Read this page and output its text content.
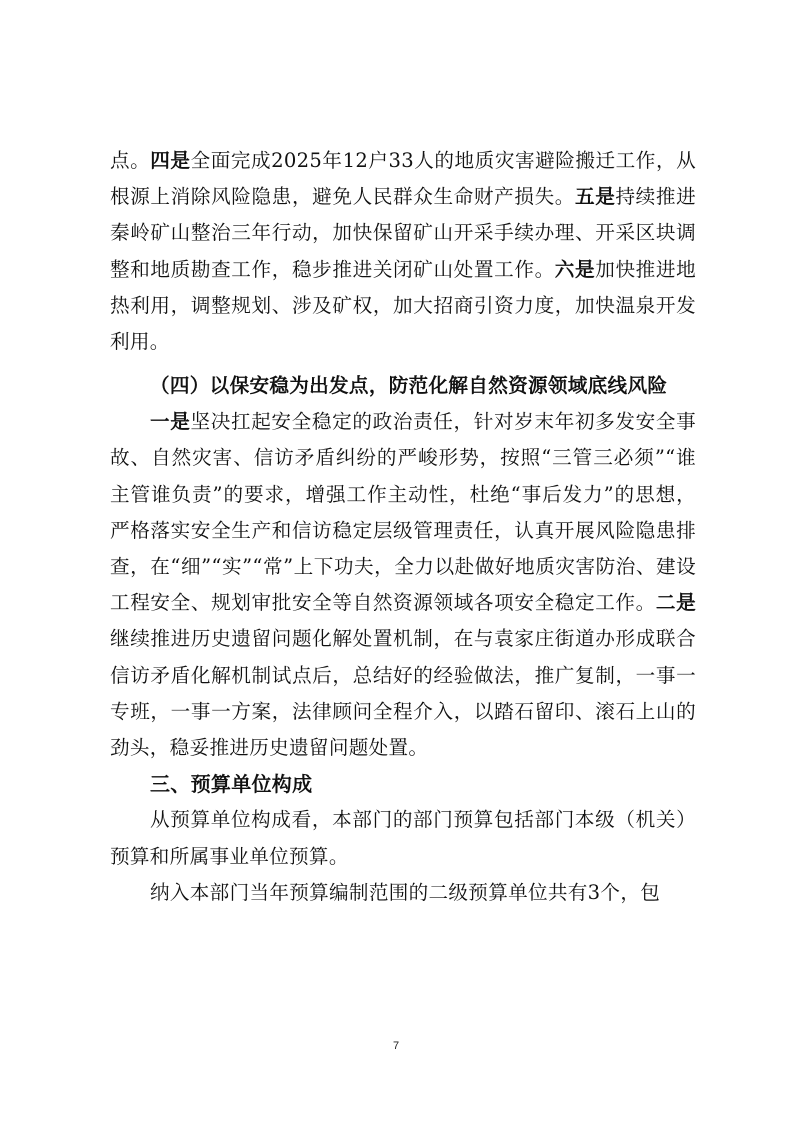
点。四是全面完成2025年12户33人的地质灾害避险搬迁工作，从根源上消除风险隐患，避免人民群众生命财产损失。五是持续推进秦岭矿山整治三年行动，加快保留矿山开采手续办理、开采区块调整和地质勘查工作，稳步推进关闭矿山处置工作。六是加快推进地热利用，调整规划、涉及矿权，加大招商引资力度，加快温泉开发利用。

（四）以保安稳为出发点，防范化解自然资源领域底线风险

一是坚决扛起安全稳定的政治责任，针对岁末年初多发安全事故、自然灾害、信访矛盾纠纷的严峻形势，按照“三管三必须”“谁主管谁负责”的要求，增强工作主动性，杜绝“事后发力”的思想，严格落实安全生产和信访稳定层级管理责任，认真开展风险隐患排查，在“细”“实”“常”上下功夫，全力以赴做好地质灾害防治、建设工程安全、规划审批安全等自然资源领域各项安全稳定工作。二是继续推进历史遗留问题化解处置机制，在与袁家庄街道办形成联合信访矛盾化解机制试点后，总结好的经验做法，推广复制，一事一专班，一事一方案，法律顾问全程介入，以踏石留印、滚石上山的劲头，稳妥推进历史遗留问题处置。

三、预算单位构成

从预算单位构成看，本部门的部门预算包括部门本级（机关）预算和所属事业单位预算。

纳入本部门当年预算编制范围的二级预算单位共有3个，包

7
